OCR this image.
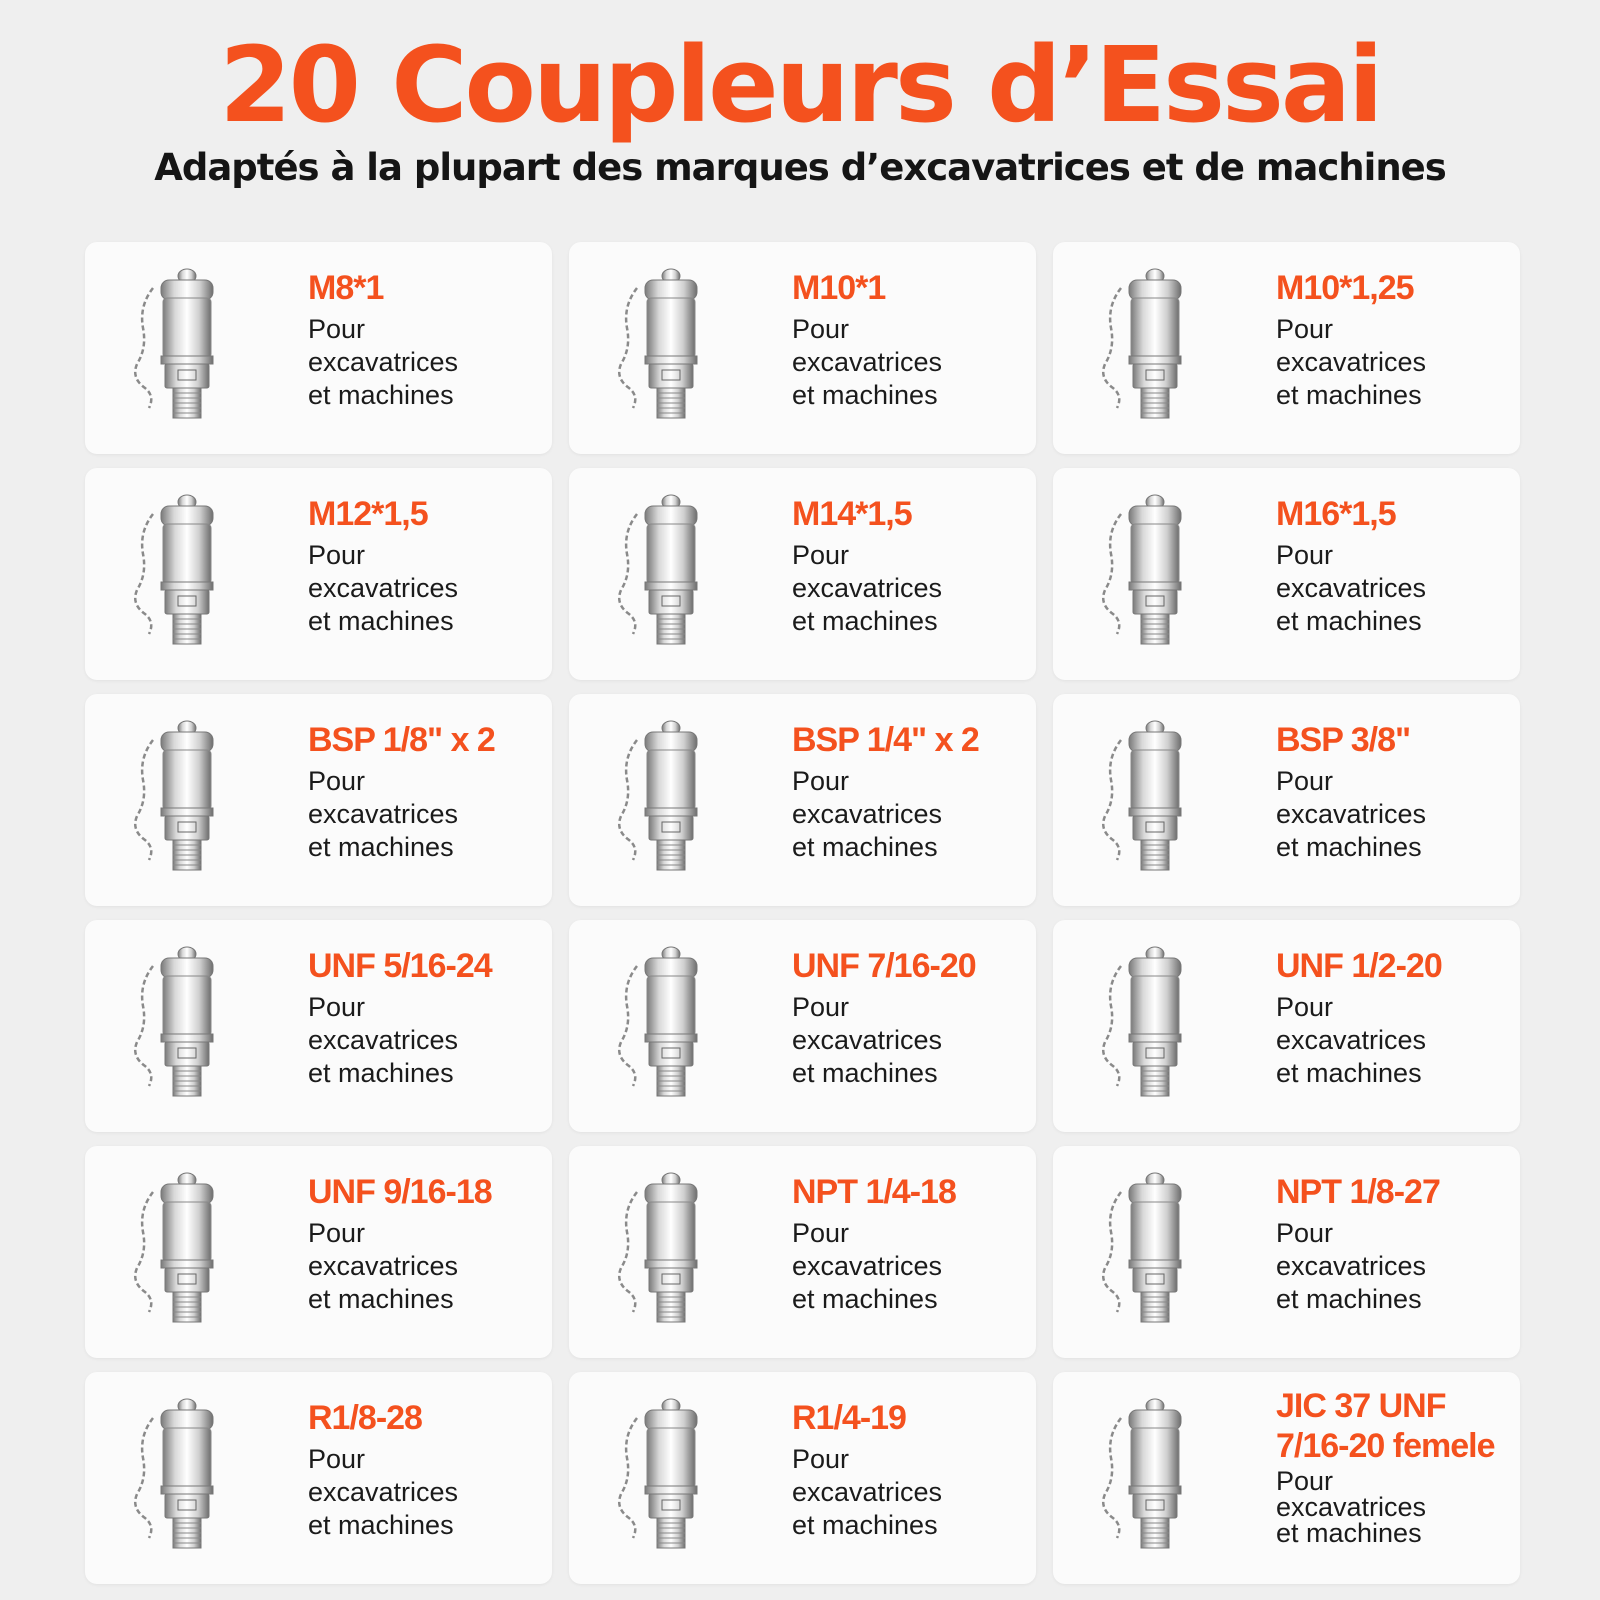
20 Coupleurs d’Essai
Adaptés à la plupart des marques d’excavatrices et de machines
M8*1
Pour
excavatrices
et machines
M10*1
Pour
excavatrices
et machines
M10*1,25
Pour
excavatrices
et machines
M12*1,5
Pour
excavatrices
et machines
M14*1,5
Pour
excavatrices
et machines
M16*1,5
Pour
excavatrices
et machines
BSP 1/8" x 2
Pour
excavatrices
et machines
BSP 1/4" x 2
Pour
excavatrices
et machines
BSP 3/8"
Pour
excavatrices
et machines
UNF 5/16-24
Pour
excavatrices
et machines
UNF 7/16-20
Pour
excavatrices
et machines
UNF 1/2-20
Pour
excavatrices
et machines
UNF 9/16-18
Pour
excavatrices
et machines
NPT 1/4-18
Pour
excavatrices
et machines
NPT 1/8-27
Pour
excavatrices
et machines
R1/8-28
Pour
excavatrices
et machines
R1/4-19
Pour
excavatrices
et machines
JIC 37 UNF 7/16-20 femele
Pour
excavatrices
et machines
